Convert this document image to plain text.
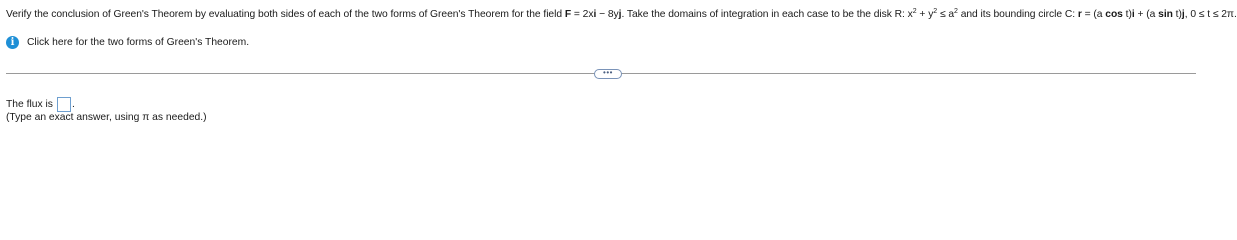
Verify the conclusion of Green's Theorem by evaluating both sides of each of the two forms of Green's Theorem for the field F = 2xi − 8yj. Take the domains of integration in each case to be the disk R: $x^2 + y^2 \le a^2$ and its bounding circle C: r = (a cos t)i + (a sin t)j, 0 ≤ t ≤ 2π.
i	Click here for the two forms of Green's Theorem.
•••
The flux is .
(Type an exact answer, using π as needed.)
